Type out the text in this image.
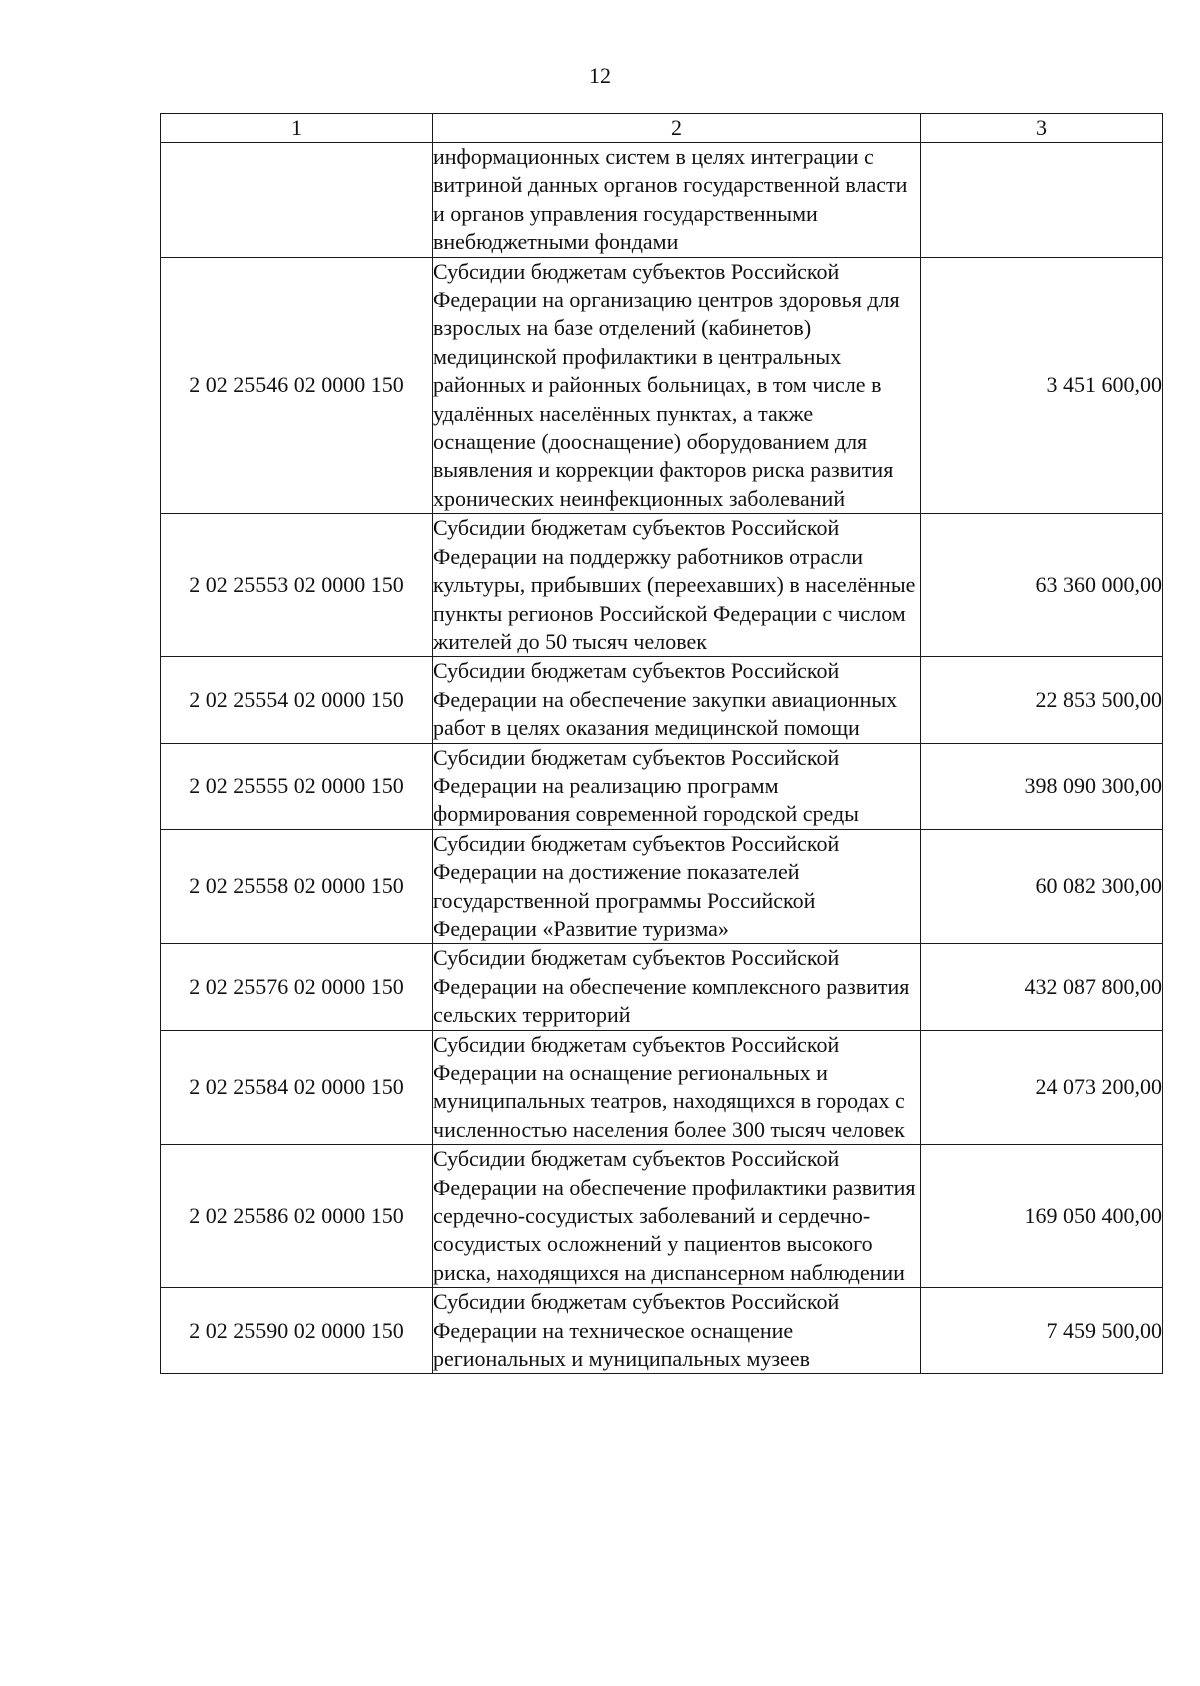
12
1	2	3
	информационных систем в целях интеграции с витриной данных органов государственной власти и органов управления государственными внебюджетными фондами	
2 02 25546 02 0000 150	Субсидии бюджетам субъектов Российской Федерации на организацию центров здоровья для взрослых на базе отделений (кабинетов) медицинской профилактики в центральных районных и районных больницах, в том числе в удалённых населённых пунктах, а также оснащение (дооснащение) оборудованием для выявления и коррекции факторов риска развития хронических неинфекционных заболеваний	3 451 600,00
2 02 25553 02 0000 150	Субсидии бюджетам субъектов Российской Федерации на поддержку работников отрасли культуры, прибывших (переехавших) в населённые пункты регионов Российской Федерации с числом жителей до 50 тысяч человек	63 360 000,00
2 02 25554 02 0000 150	Субсидии бюджетам субъектов Российской Федерации на обеспечение закупки авиационных работ в целях оказания медицинской помощи	22 853 500,00
2 02 25555 02 0000 150	Субсидии бюджетам субъектов Российской Федерации на реализацию программ формирования современной городской среды	398 090 300,00
2 02 25558 02 0000 150	Субсидии бюджетам субъектов Российской Федерации на достижение показателей государственной программы Российской Федерации «Развитие туризма»	60 082 300,00
2 02 25576 02 0000 150	Субсидии бюджетам субъектов Российской Федерации на обеспечение комплексного развития сельских территорий	432 087 800,00
2 02 25584 02 0000 150	Субсидии бюджетам субъектов Российской Федерации на оснащение региональных и муниципальных театров, находящихся в городах с численностью населения более 300 тысяч человек	24 073 200,00
2 02 25586 02 0000 150	Субсидии бюджетам субъектов Российской Федерации на обеспечение профилактики развития сердечно-сосудистых заболеваний и сердечно-сосудистых осложнений у пациентов высокого риска, находящихся на диспансерном наблюдении	169 050 400,00
2 02 25590 02 0000 150	Субсидии бюджетам субъектов Российской Федерации на техническое оснащение региональных и муниципальных музеев	7 459 500,00
